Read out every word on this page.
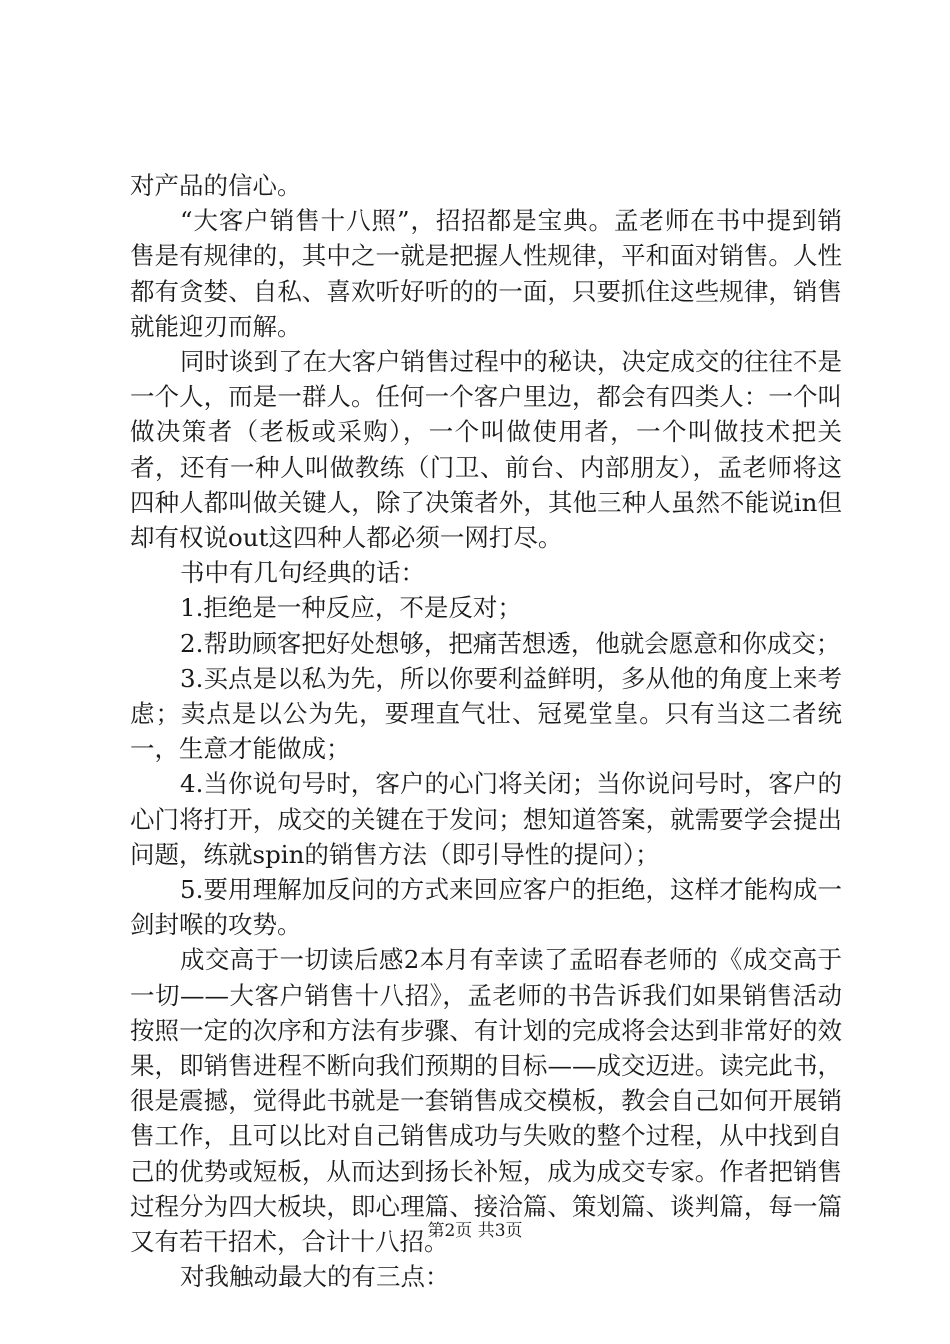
对产品的信心。

“大客户销售十八照”，招招都是宝典。孟老师在书中提到销售是有规律的，其中之一就是把握人性规律，平和面对销售。人性都有贪婪、自私、喜欢听好听的的一面，只要抓住这些规律，销售就能迎刃而解。

同时谈到了在大客户销售过程中的秘诀，决定成交的往往不是一个人，而是一群人。任何一个客户里边，都会有四类人：一个叫做决策者（老板或采购），一个叫做使用者，一个叫做技术把关者，还有一种人叫做教练（门卫、前台、内部朋友），孟老师将这四种人都叫做关键人，除了决策者外，其他三种人虽然不能说in但却有权说out这四种人都必须一网打尽。

书中有几句经典的话：

1.拒绝是一种反应，不是反对；

2.帮助顾客把好处想够，把痛苦想透，他就会愿意和你成交；

3.买点是以私为先，所以你要利益鲜明，多从他的角度上来考虑；卖点是以公为先，要理直气壮、冠冕堂皇。只有当这二者统一，生意才能做成；

4.当你说句号时，客户的心门将关闭；当你说问号时，客户的心门将打开，成交的关键在于发问；想知道答案，就需要学会提出问题，练就spin的销售方法（即引导性的提问）；

5.要用理解加反问的方式来回应客户的拒绝，这样才能构成一剑封喉的攻势。

成交高于一切读后感2本月有幸读了孟昭春老师的《成交高于一切——大客户销售十八招》，孟老师的书告诉我们如果销售活动按照一定的次序和方法有步骤、有计划的完成将会达到非常好的效果，即销售进程不断向我们预期的目标——成交迈进。读完此书，很是震撼，觉得此书就是一套销售成交模板，教会自己如何开展销售工作，且可以比对自己销售成功与失败的整个过程，从中找到自己的优势或短板，从而达到扬长补短，成为成交专家。作者把销售过程分为四大板块，即心理篇、接洽篇、策划篇、谈判篇，每一篇又有若干招术，合计十八招。

对我触动最大的有三点：

第2页 共3页
